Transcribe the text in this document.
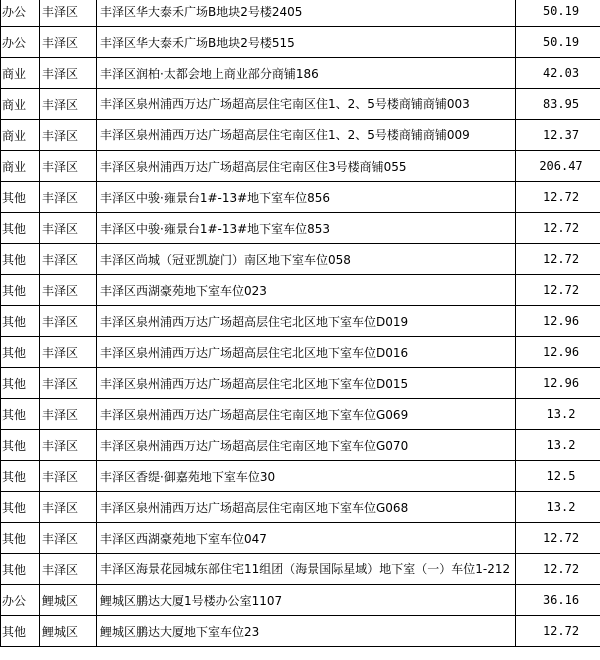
办公	丰泽区	丰泽区华大泰禾广场B地块2号楼2405	50.19
办公	丰泽区	丰泽区华大泰禾广场B地块2号楼515	50.19
商业	丰泽区	丰泽区润柏·太都会地上商业部分商铺186	42.03
商业	丰泽区	丰泽区泉州浦西万达广场超高层住宅南区住1、2、5号楼商铺商铺003	83.95
商业	丰泽区	丰泽区泉州浦西万达广场超高层住宅南区住1、2、5号楼商铺商铺009	12.37
商业	丰泽区	丰泽区泉州浦西万达广场超高层住宅南区住3号楼商铺055	206.47
其他	丰泽区	丰泽区中骏·雍景台1#-13#地下室车位856	12.72
其他	丰泽区	丰泽区中骏·雍景台1#-13#地下室车位853	12.72
其他	丰泽区	丰泽区尚城（冠亚凯旋门）南区地下室车位058	12.72
其他	丰泽区	丰泽区西湖豪苑地下室车位023	12.72
其他	丰泽区	丰泽区泉州浦西万达广场超高层住宅北区地下室车位D019	12.96
其他	丰泽区	丰泽区泉州浦西万达广场超高层住宅北区地下室车位D016	12.96
其他	丰泽区	丰泽区泉州浦西万达广场超高层住宅北区地下室车位D015	12.96
其他	丰泽区	丰泽区泉州浦西万达广场超高层住宅南区地下室车位G069	13.2
其他	丰泽区	丰泽区泉州浦西万达广场超高层住宅南区地下室车位G070	13.2
其他	丰泽区	丰泽区香缇·御嘉苑地下室车位30	12.5
其他	丰泽区	丰泽区泉州浦西万达广场超高层住宅南区地下室车位G068	13.2
其他	丰泽区	丰泽区西湖豪苑地下室车位047	12.72
其他	丰泽区	丰泽区海景花园城东部住宅11组团（海景国际星域）地下室（一）车位1-212	12.72
办公	鲤城区	鲤城区鹏达大厦1号楼办公室1107	36.16
其他	鲤城区	鲤城区鹏达大厦地下室车位23	12.72
